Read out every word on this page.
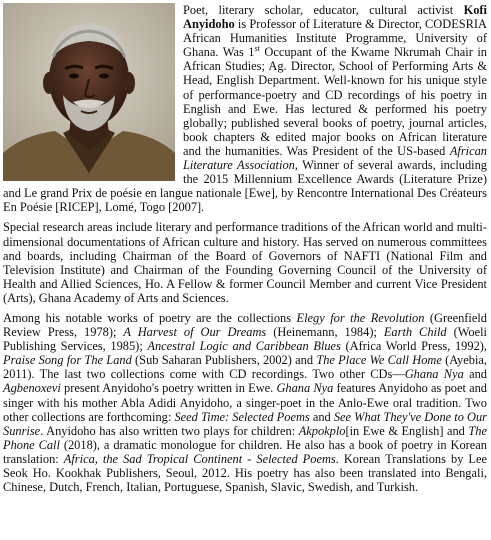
Poet, literary scholar, educator, cultural activist Kofi Anyidoho is Professor of Literature & Director, CODESRIA African Humanities Institute Programme, University of Ghana. Was 1st Occupant of the Kwame Nkrumah Chair in African Studies; Ag. Director, School of Performing Arts & Head, English Department. Well-known for his unique style of performance-poetry and CD recordings of his poetry in English and Ewe. Has lectured & performed his poetry globally; published several books of poetry, journal articles, book chapters & edited major books on African literature and the humanities. Was President of the US-based African Literature Association, Winner of several awards, including the 2015 Millennium Excellence Awards (Literature Prize) and Le grand Prix de poésie en langue nationale [Ewe], by Rencontre International Des Créateurs En Poésie [RICEP], Lomé, Togo [2007].

Special research areas include literary and performance traditions of the African world and multi-dimensional documentations of African culture and history. Has served on numerous committees and boards, including Chairman of the Board of Governors of NAFTI (National Film and Television Institute) and Chairman of the Founding Governing Council of the University of Health and Allied Sciences, Ho. A Fellow & former Council Member and current Vice President (Arts), Ghana Academy of Arts and Sciences.

Among his notable works of poetry are the collections Elegy for the Revolution (Greenfield Review Press, 1978); A Harvest of Our Dreams (Heinemann, 1984); Earth Child (Woeli Publishing Services, 1985); Ancestral Logic and Caribbean Blues (Africa World Press, 1992), Praise Song for The Land (Sub Saharan Publishers, 2002) and The Place We Call Home (Ayebia, 2011). The last two collections come with CD recordings. Two other CDs—Ghana Nya and Agbenoxevi present Anyidoho's poetry written in Ewe. Ghana Nya features Anyidoho as poet and singer with his mother Abla Adidi Anyidoho, a singer-poet in the Anlo-Ewe oral tradition. Two other collections are forthcoming: Seed Time: Selected Poems and See What They've Done to Our Sunrise. Anyidoho has also written two plays for children: Akpokplo[in Ewe & English] and The Phone Call (2018), a dramatic monologue for children. He also has a book of poetry in Korean translation: Africa, the Sad Tropical Continent - Selected Poems. Korean Translations by Lee Seok Ho. Kookhak Publishers, Seoul, 2012. His poetry has also been translated into Bengali, Chinese, Dutch, French, Italian, Portuguese, Spanish, Slavic, Swedish, and Turkish.
